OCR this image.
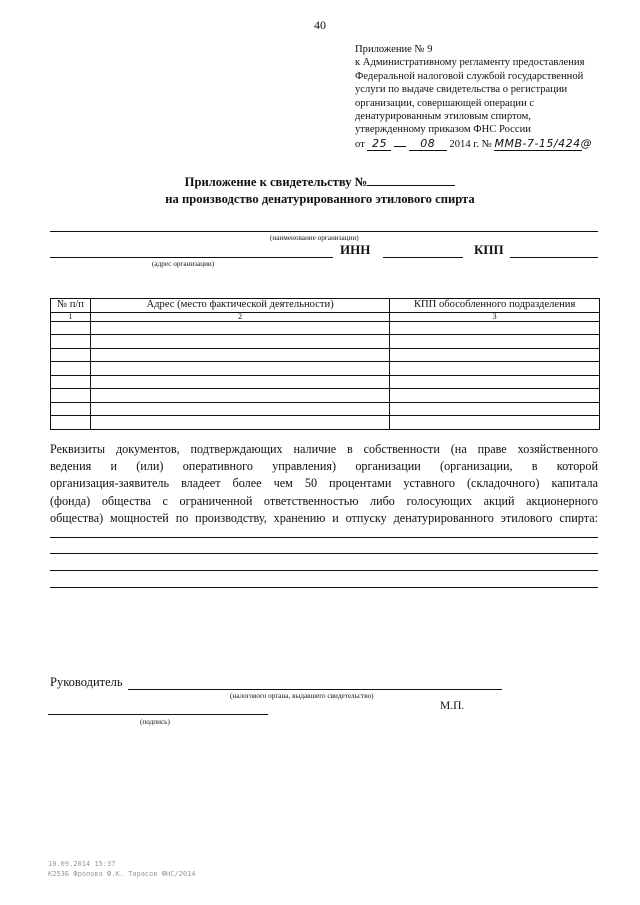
40
Приложение № 9
к Административному регламенту предоставления
Федеральной налоговой службой государственной
услуги по выдаче свидетельства о регистрации
организации, совершающей операции с
денатурированным этиловым спиртом,
утвержденному приказом ФНС России
от 25	08 2014 г. № ММВ-7-15/424@
Приложение к свидетельству №
на производство денатурированного этилового спирта
(наименование организации)
ИНН	КПП
(адрес организации)
№ п/п	Адрес (место фактической деятельности)	КПП обособленного подразделения
1	2	3

Реквизиты документов, подтверждающих наличие в собственности (на праве хозяйственного
ведения и (или) оперативного управления) организации (организации, в которой
организация-заявитель владеет более чем 50 процентами уставного (складочного) капитала
(фонда) общества с ограниченной ответственностью либо голосующих акций акционерного
общества) мощностей по производству, хранению и отпуску денатурированного этилового спирта:
Руководитель
(налогового органа, выдавшего свидетельство)
М.П.
(подпись)
10.09.2014 15:37
К253Б Фролова Ф.К. Тарасов ФНС/2014
